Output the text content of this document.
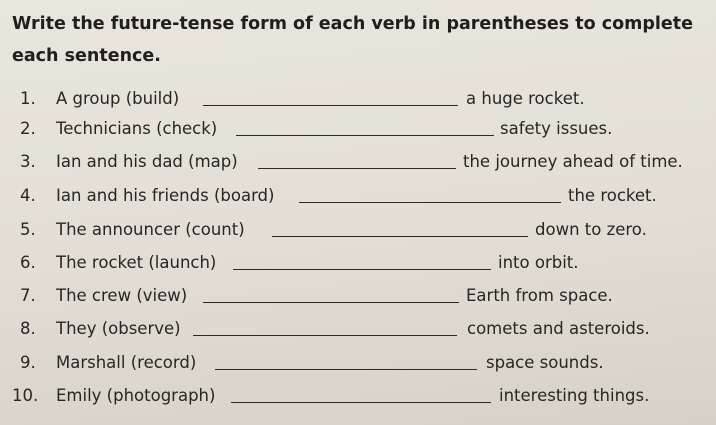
Write the future-tense form of each verb in parentheses to complete each sentence.
1. A group (build)	a huge rocket.
2. Technicians (check)	safety issues.
3. Ian and his dad (map)	the journey ahead of time.
4. Ian and his friends (board)	the rocket.
5. The announcer (count)	down to zero.
6. The rocket (launch)	into orbit.
7. The crew (view)	Earth from space.
8. They (observe)	comets and asteroids.
9. Marshall (record)	space sounds.
10. Emily (photograph)	interesting things.
